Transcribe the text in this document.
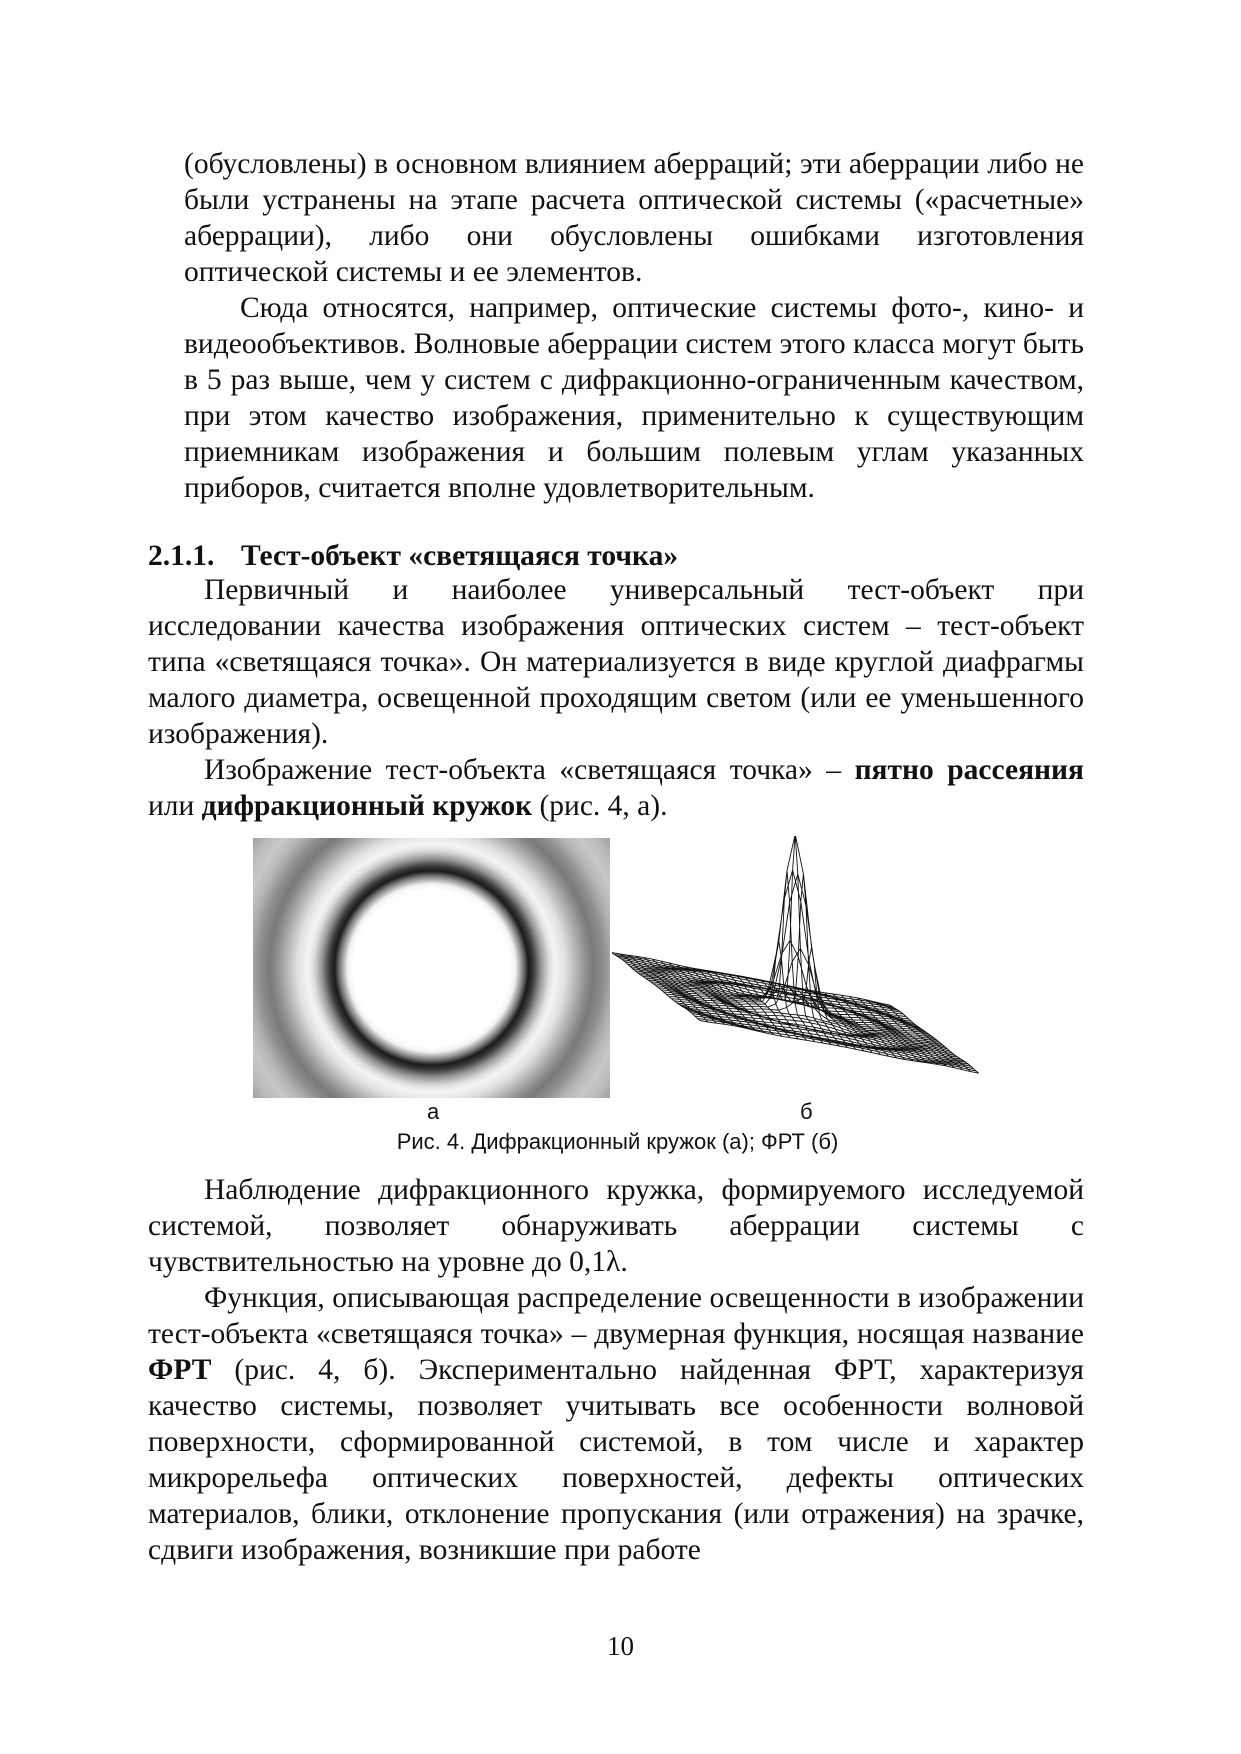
(обусловлены) в основном влиянием аберраций; эти аберрации либо не были устранены на этапе расчета оптической системы («расчетные» аберрации), либо они обусловлены ошибками изготовления оптической системы и ее элементов.

Сюда относятся, например, оптические системы фото-, кино- и видеообъективов. Волновые аберрации систем этого класса могут быть в 5 раз выше, чем у систем с дифракционно-ограниченным качеством, при этом качество изображения, применительно к существующим приемникам изображения и большим полевым углам указанных приборов, считается вполне удовлетворительным.

2.1.1. Тест-объект «светящаяся точка»

Первичный и наиболее универсальный тест-объект при исследовании качества изображения оптических систем – тест-объект типа «светящаяся точка». Он материализуется в виде круглой диафрагмы малого диаметра, освещенной проходящим светом (или ее уменьшенного изображения).

Изображение тест-объекта «светящаяся точка» – пятно рассеяния или дифракционный кружок (рис. 4, а).

а	б
Рис. 4. Дифракционный кружок (а); ФРТ (б)

Наблюдение дифракционного кружка, формируемого исследуемой системой, позволяет обнаруживать аберрации системы с чувствительностью на уровне до 0,1λ.

Функция, описывающая распределение освещенности в изображении тест-объекта «светящаяся точка» – двумерная функция, носящая название ФРТ (рис. 4, б). Экспериментально найденная ФРТ, характеризуя качество системы, позволяет учитывать все особенности волновой поверхности, сформированной системой, в том числе и характер микрорельефа оптических поверхностей, дефекты оптических материалов, блики, отклонение пропускания (или отражения) на зрачке, сдвиги изображения, возникшие при работе

10
